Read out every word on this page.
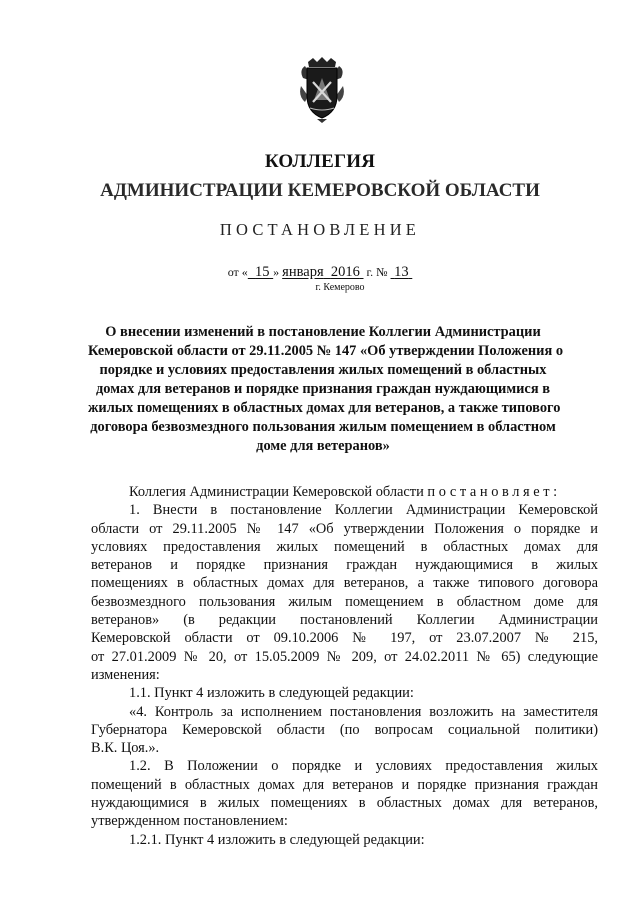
КОЛЛЕГИЯ
АДМИНИСТРАЦИИ КЕМЕРОВСКОЙ ОБЛАСТИ
ПОСТАНОВЛЕНИЕ
от « 15 » января 2016 г. № 13
г. Кемерово
О внесении изменений в постановление Коллегии Администрации
Кемеровской области от 29.11.2005 № 147 «Об утверждении Положения о
порядке и условиях предоставления жилых помещений в областных
домах для ветеранов и порядке признания граждан нуждающимися в
жилых помещениях в областных домах для ветеранов, а также типового
договора безвозмездного пользования жилым помещением в областном
доме для ветеранов»
Коллегия Администрации Кемеровской области постановляет:
1. Внести в постановление Коллегии Администрации Кемеровской
области от 29.11.2005 № 147 «Об утверждении Положения о порядке и
условиях предоставления жилых помещений в областных домах для
ветеранов и порядке признания граждан нуждающимися в жилых
помещениях в областных домах для ветеранов, а также типового договора
безвозмездного пользования жилым помещением в областном доме для
ветеранов» (в редакции постановлений Коллегии Администрации
Кемеровской области от 09.10.2006 № 197, от 23.07.2007 № 215,
от 27.01.2009 № 20, от 15.05.2009 № 209, от 24.02.2011 № 65) следующие
изменения:
1.1. Пункт 4 изложить в следующей редакции:
«4. Контроль за исполнением постановления возложить на заместителя
Губернатора Кемеровской области (по вопросам социальной политики)
В.К. Цоя.».
1.2. В Положении о порядке и условиях предоставления жилых
помещений в областных домах для ветеранов и порядке признания граждан
нуждающимися в жилых помещениях в областных домах для ветеранов,
утвержденном постановлением:
1.2.1. Пункт 4 изложить в следующей редакции:
